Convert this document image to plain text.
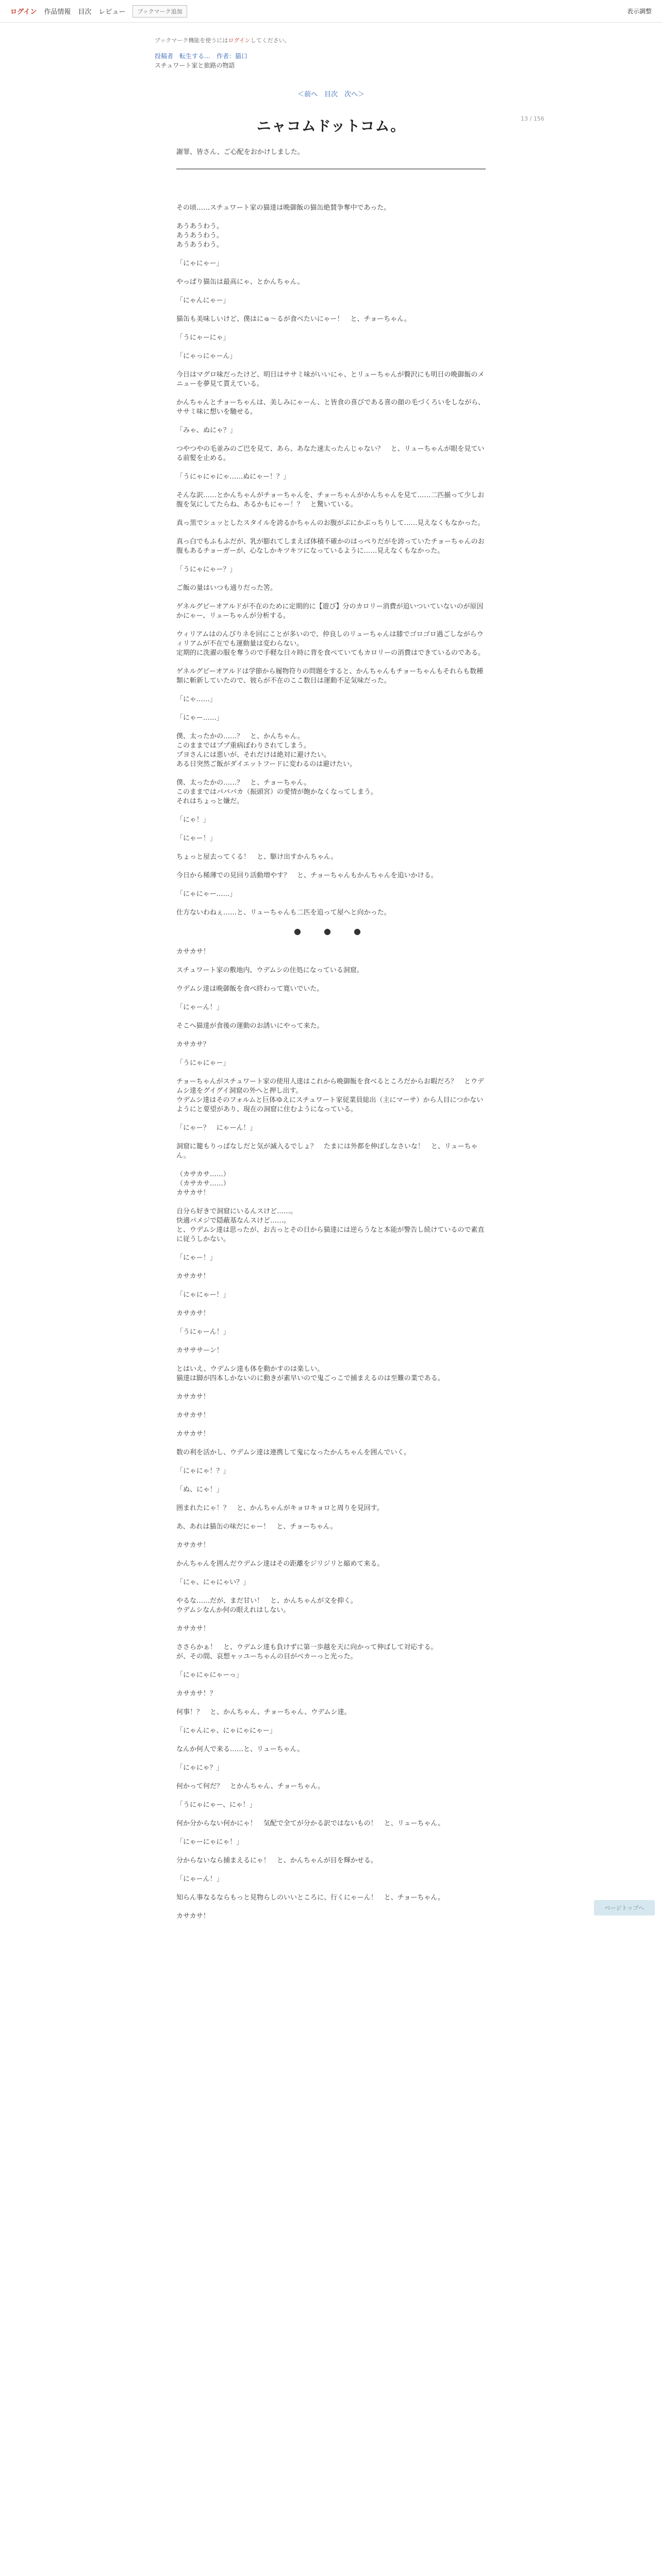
ログイン 作品情報 目次 レビュー	ブックマーク追加	表示調整
ブックマーク機能を使うにはログインしてください。
投稿者　転生する…　作者：猫口
スチュワート家と旅路の物語
＜前へ　目次　次へ＞
13 / 156
ニャコムドットコム。
謝罪、皆さん、ご心配をおかけしました。
その頃……スチュワート家の猫達は晩御飯の猫缶絶賛争奪中であった。
あうあうわう。
あうあうわう。
あうあうわう。
「にゃにゃー」
やっぱり猫缶は最高にゃ、とかんちゃん。
「にゃんにゃー」
猫缶も美味しいけど、僕はにゅ～るが食べたいにゃー！　と、チョーちゃん。
「うにゃーにゃ」
「にゃっにゃーん」
今日はマグロ味だったけど、明日はササミ味がいいにゃ、とリューちゃんが贅沢にも明日の晩御飯のメニューを夢見て貰えている。
かんちゃんとチョーちゃんは、美しみにゃーん、と皆食の喜びである喜の顔の毛づくろいをしながら、ササミ味に想いを馳せる。
「みゃ、ぬにゃ？」
つやつやの毛並みのご巴を見て、あら、あなた速太ったんじゃない？　と、リューちゃんが眼を見ている前髪を止める。
「うにゃにゃにゃ……ぬにゃー！？」
そんな訳……とかんちゃんがチョーちゃんを、チョーちゃんがかんちゃんを見て……二匹揃って少しお腹を気にしてたらね、あるかもにゃー！？　と驚いている。
真っ黒でシュッとしたスタイルを誇るかちゃんのお腹がぷにかぷっちりして……見えなくもなかった。
真っ白でもふもふだが、乳が膨れてしまえば体積不確かのはっぺりだがを誇っていたチョーちゃんのお腹もあるチョーガーが、心なしかキツキツになっているように……見えなくもなかった。
「うにゃにゃー？」
ご飯の量はいつも通りだった筈。
ゲネルグビーオアルドが不在のために定期的に【遊び】分のカロリー消費が追いついていないのが原因かにゃー、リューちゃんが分析する。
ウィリアムはのんびりネを回にことが多いので、仲良しのリューちゃんは膝でゴロゴロ過ごしながらウィリアムが不在でも運動量は変わらない。
定期的に洗濯の服を奪うので手軽な日々時に背を食べていてもカロリーの消費はできているのである。
ゲネルグビーオアルドは学節から履物符りの問題をすると、かんちゃんもチョーちゃんもそれらも数種類に斬新していたので、彼らが不在のここ数日は運動不足気味だった。
「にゃ……」
「にゃー……」
僕、太ったかの……？　と、かんちゃん。
このままではププ重病ぼわりされてしまう。
プヨさんには悪いが、それだけは絶対に避けたい。
ある日突然ご飯がダイエットフードに変わるのは避けたい。
僕、太ったかの……？　と、チョーちゃん。
このままではバババカ（振頭宮）の愛情が飽かなくなってしまう。
それはちょっと嫌だ。
「にゃ！」
「にゃー！」
ちょっと屋去ってくる！　と、駆け出すかんちゃん。
今日から稀薄での見回り活動増やす？　と、チョーちゃんもかんちゃんを追いかける。
「にゃにゃー……」
仕方ないわねぇ……と、リューちゃんも二匹を追って屋へと向かった。
●　●　●
カサカサ！
スチュワート家の敷地内、ウデムシの住処になっている洞窟。
ウデムシ達は晩御飯を食べ終わって寛いでいた。
「にゃーん！」
そこへ猫達が食後の運動のお誘いにやって来た。
カサカサ？
「うにゃにゃー」
チョーちゃんがスチュワート家の使用人達はこれから晩御飯を食べるところだからお暇だろ？　とウデムシ達をグイグイ洞窟の外へと押し出す。
ウデムシ達はそのフォルムと巨体ゆえにスチュワート家従業員総出（主にマーサ）から人目につかないようにと要望があり、現在の洞窟に住むようになっている。
「にゃー？　にゃーん！」
洞窟に籠もりっぱなしだと気が滅入るでしょ？　たまには外都を伸ばしなさいな！　と、リューちゃん。
（カサカサ……）
（カサカサ……）
カサカサ！
自分ら好きで洞窟にいるんスけど……。
快適パメジで隠蔽基なんスけど……。
と、ウデムシ達は思ったが、お古っとその日から猫達には逆らうなと本能が警告し続けているので素直に従うしかない。
「にゃー！」
カサカサ！
「にゃにゃー！」
カサカサ！
「うにゃーん！」
カサササーン！
とはいえ、ウデムシ達も体を動かすのは楽しい。
猫達は脚が四本しかないのに動きが素早いので鬼ごっこで捕まえるのは至難の業である。
カサカサ！
カサカサ！
カサカサ！
数の利を活かし、ウデムシ達は連携して鬼になったかんちゃんを囲んでいく。
「にゃにゃ！？」
「ぬ、にゃ！」
囲まれたにゃ！？　と、かんちゃんがキョロキョロと周りを見回す。
あ、あれは猫缶の味だにゃー！　と、チョーちゃん。
カサカサ！
かんちゃんを囲んだウデムシ達はその距離をジリジリと縮めて来る。
「にゃ、にゃにゃい？」
やるな……だが、まだ甘い！　と、かんちゃんが文を抑く。
ウデムシなんか何の眼えれはしない。
カサカサ！
ささらかぁ！　と、ウデムシ達も負けずに第一歩越を天に向かって伸ばして対応する。
が、その間、哀想ャッユーちゃんの目がべカーっと光った。
「にゃにゃにゃーっ」
カサカサ！？
何事！？　と、かんちゃん、チョーちゃん、ウデムシ達。
「にゃんにゃ、にゃにゃにゃー」
なんか何人で来る……と、リューちゃん。
「にゃにゃ？」
何かって何だ？　とかんちゃん、チョーちゃん。
「うにゃにゃー、にゃ！」
何か分からない何かにゃ！　気配で全てが分かる訳ではないもの！　と、リューちゃん。
「にゃーにゃにゃ！」
分からないなら捕まえるにゃ！　と、かんちゃんが目を輝かせる。
「にゃーん！」
知らん事なるならもっと見物らしのいいところに、行くにゃーん！　と、チョーちゃん。
カサカサ！
ページトップへ
